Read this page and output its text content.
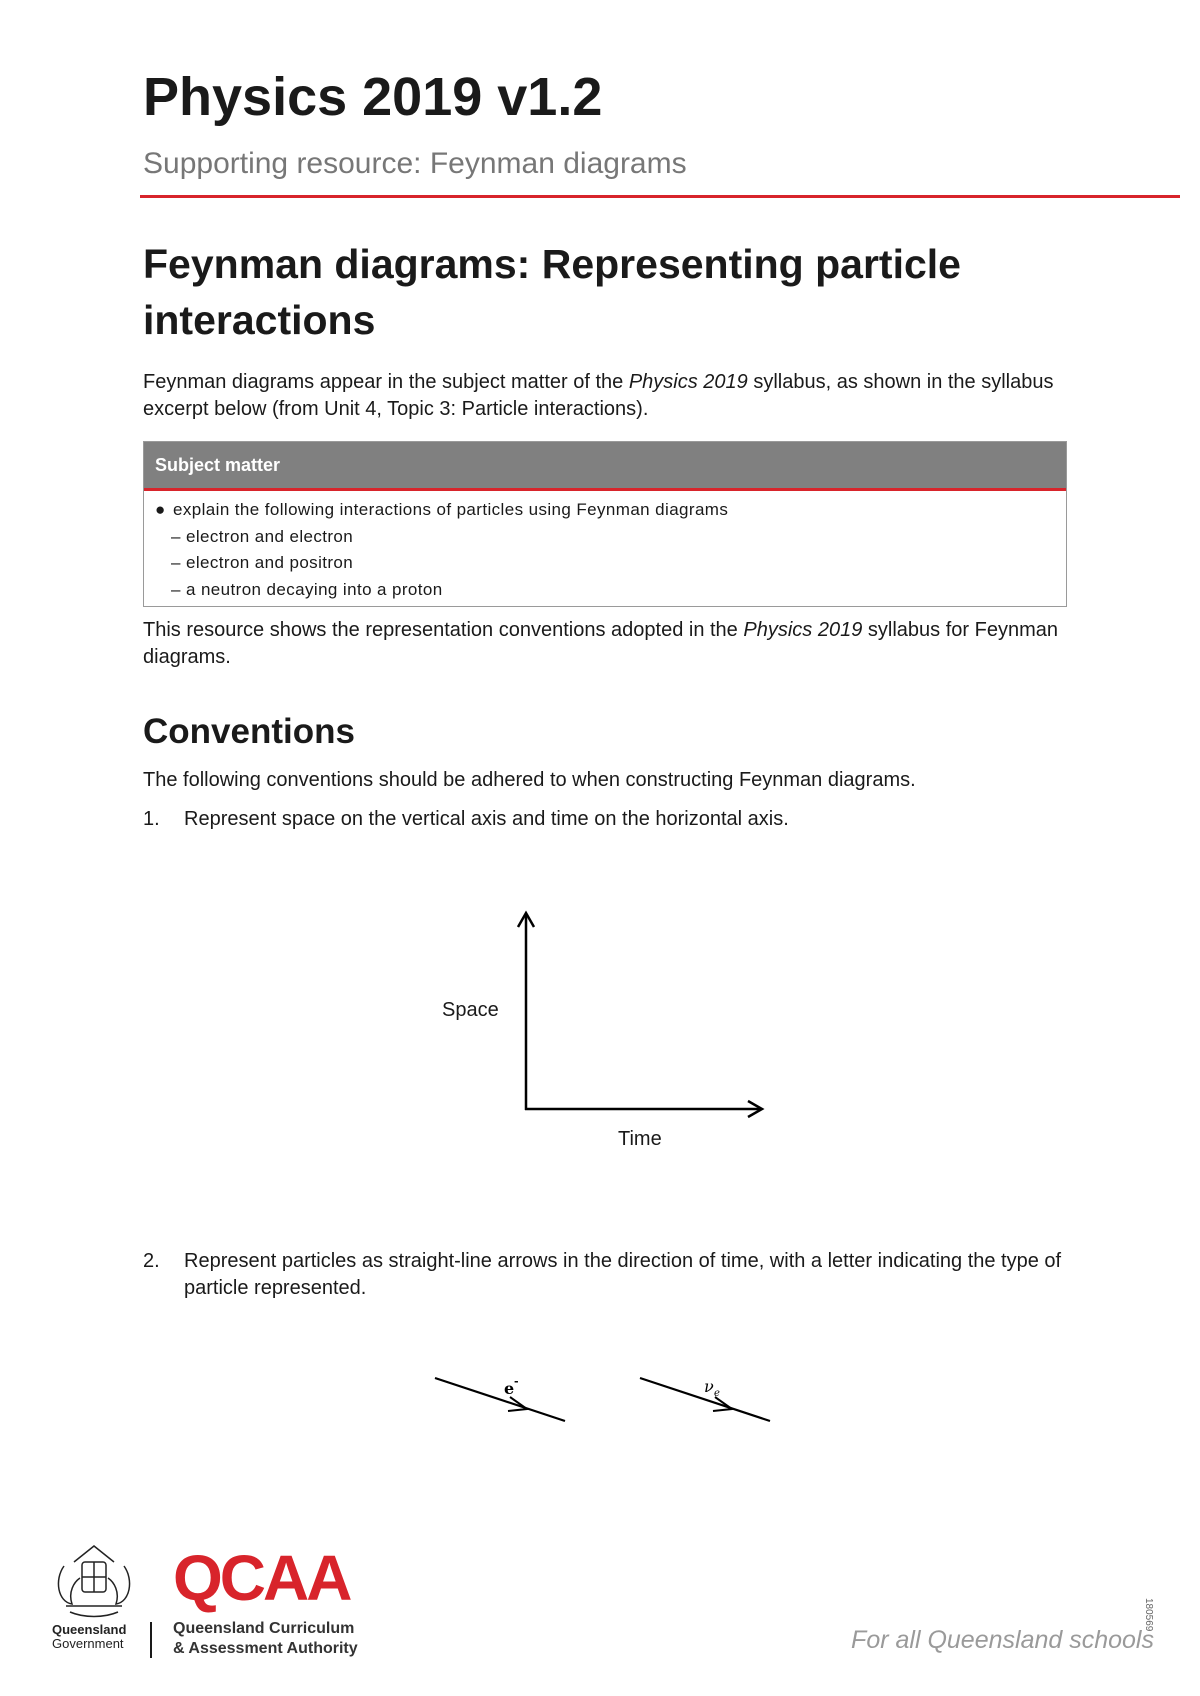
Physics 2019 v1.2
Supporting resource: Feynman diagrams
Feynman diagrams: Representing particle interactions

Feynman diagrams appear in the subject matter of the Physics 2019 syllabus, as shown in the syllabus excerpt below (from Unit 4, Topic 3: Particle interactions).

Subject matter
● explain the following interactions of particles using Feynman diagrams
– electron and electron
– electron and positron
– a neutron decaying into a proton

This resource shows the representation conventions adopted in the Physics 2019 syllabus for Feynman diagrams.

Conventions

The following conventions should be adhered to when constructing Feynman diagrams.

1. Represent space on the vertical axis and time on the horizontal axis.
Space
Time
2. Represent particles as straight-line arrows in the direction of time, with a letter indicating the type of particle represented.
e -	ν e
Queensland
Government
QCAA
Queensland Curriculum
& Assessment Authority	For all Queensland schools
180569
